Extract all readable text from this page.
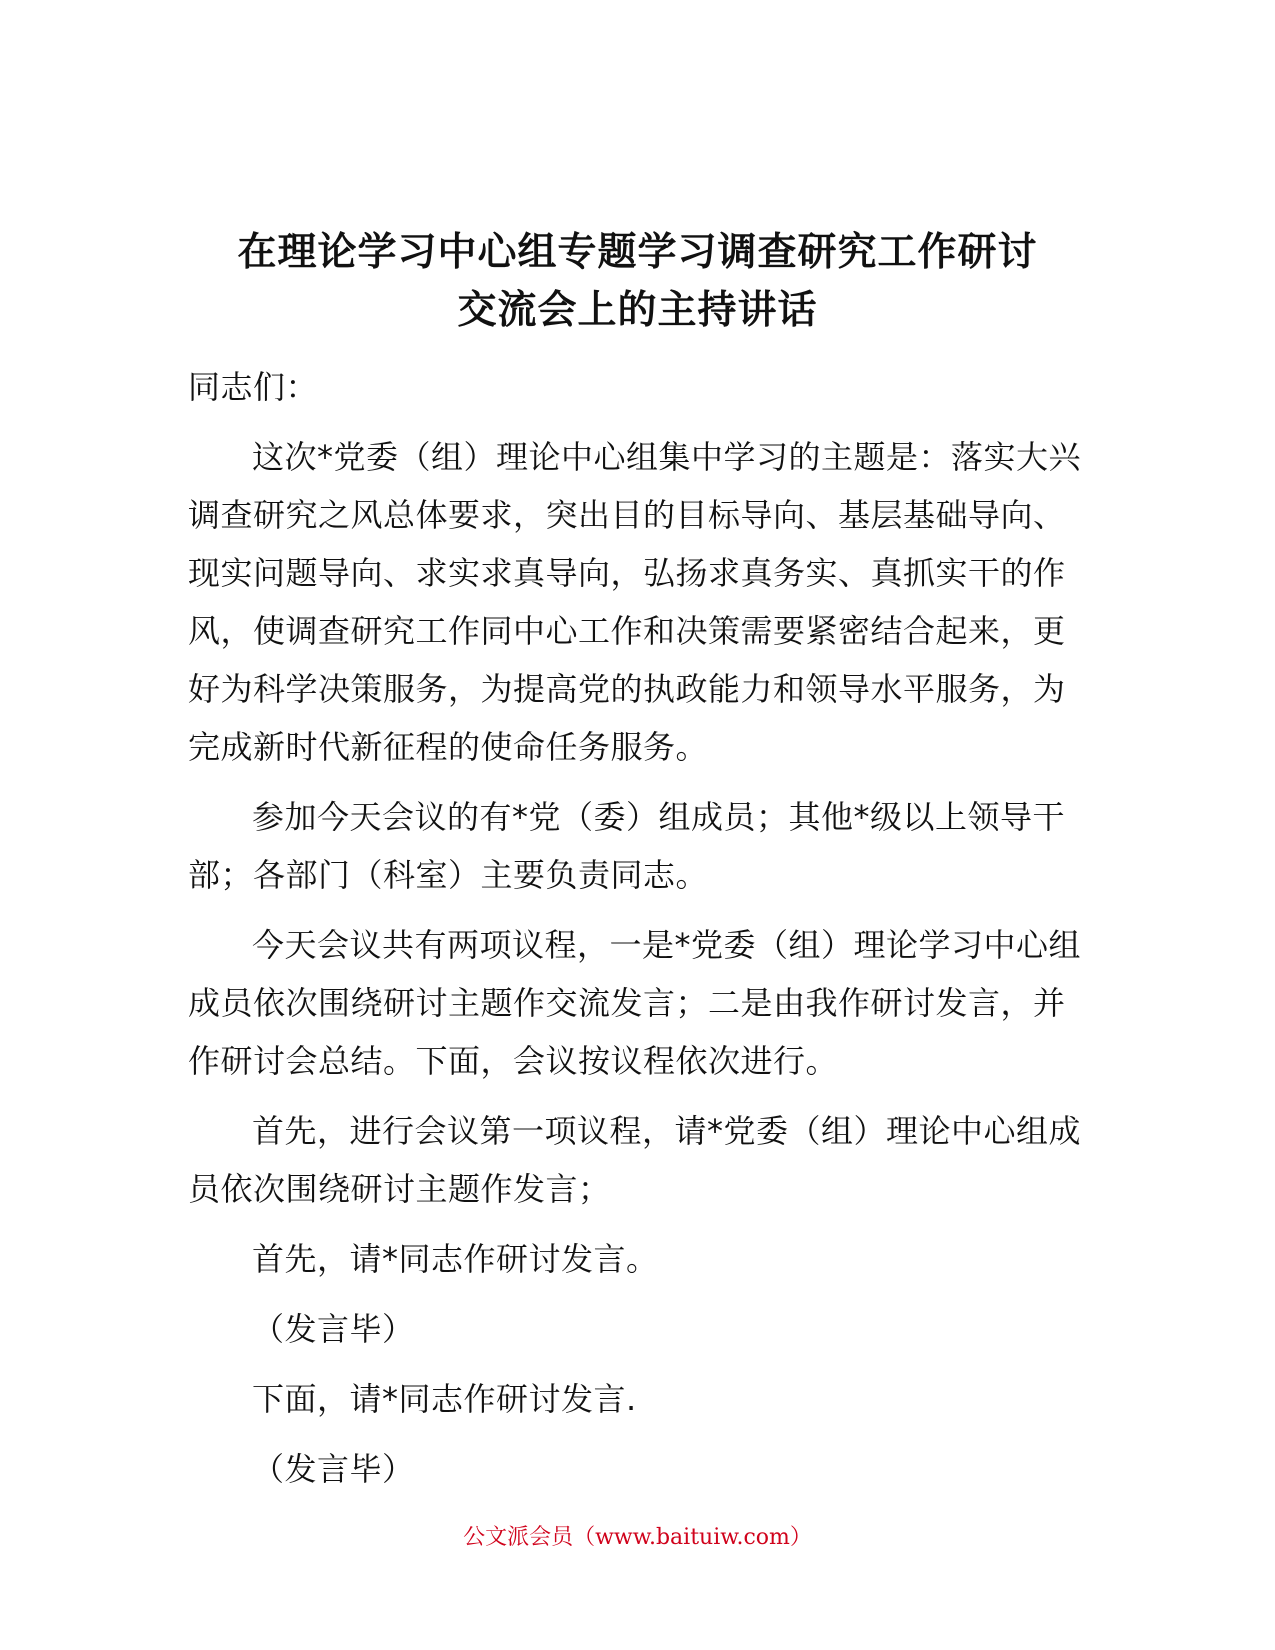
在理论学习中心组专题学习调查研究工作研讨
交流会上的主持讲话

同志们：

这次*党委（组）理论中心组集中学习的主题是：落实大兴调查研究之风总体要求，突出目的目标导向、基层基础导向、现实问题导向、求实求真导向，弘扬求真务实、真抓实干的作风，使调查研究工作同中心工作和决策需要紧密结合起来，更好为科学决策服务，为提高党的执政能力和领导水平服务，为完成新时代新征程的使命任务服务。

参加今天会议的有*党（委）组成员；其他*级以上领导干部；各部门（科室）主要负责同志。

今天会议共有两项议程，一是*党委（组）理论学习中心组成员依次围绕研讨主题作交流发言；二是由我作研讨发言，并作研讨会总结。下面，会议按议程依次进行。

首先，进行会议第一项议程，请*党委（组）理论中心组成员依次围绕研讨主题作发言；

首先，请*同志作研讨发言。

（发言毕）

下面，请*同志作研讨发言.

（发言毕）

公文派会员（www.baituiw.com）
